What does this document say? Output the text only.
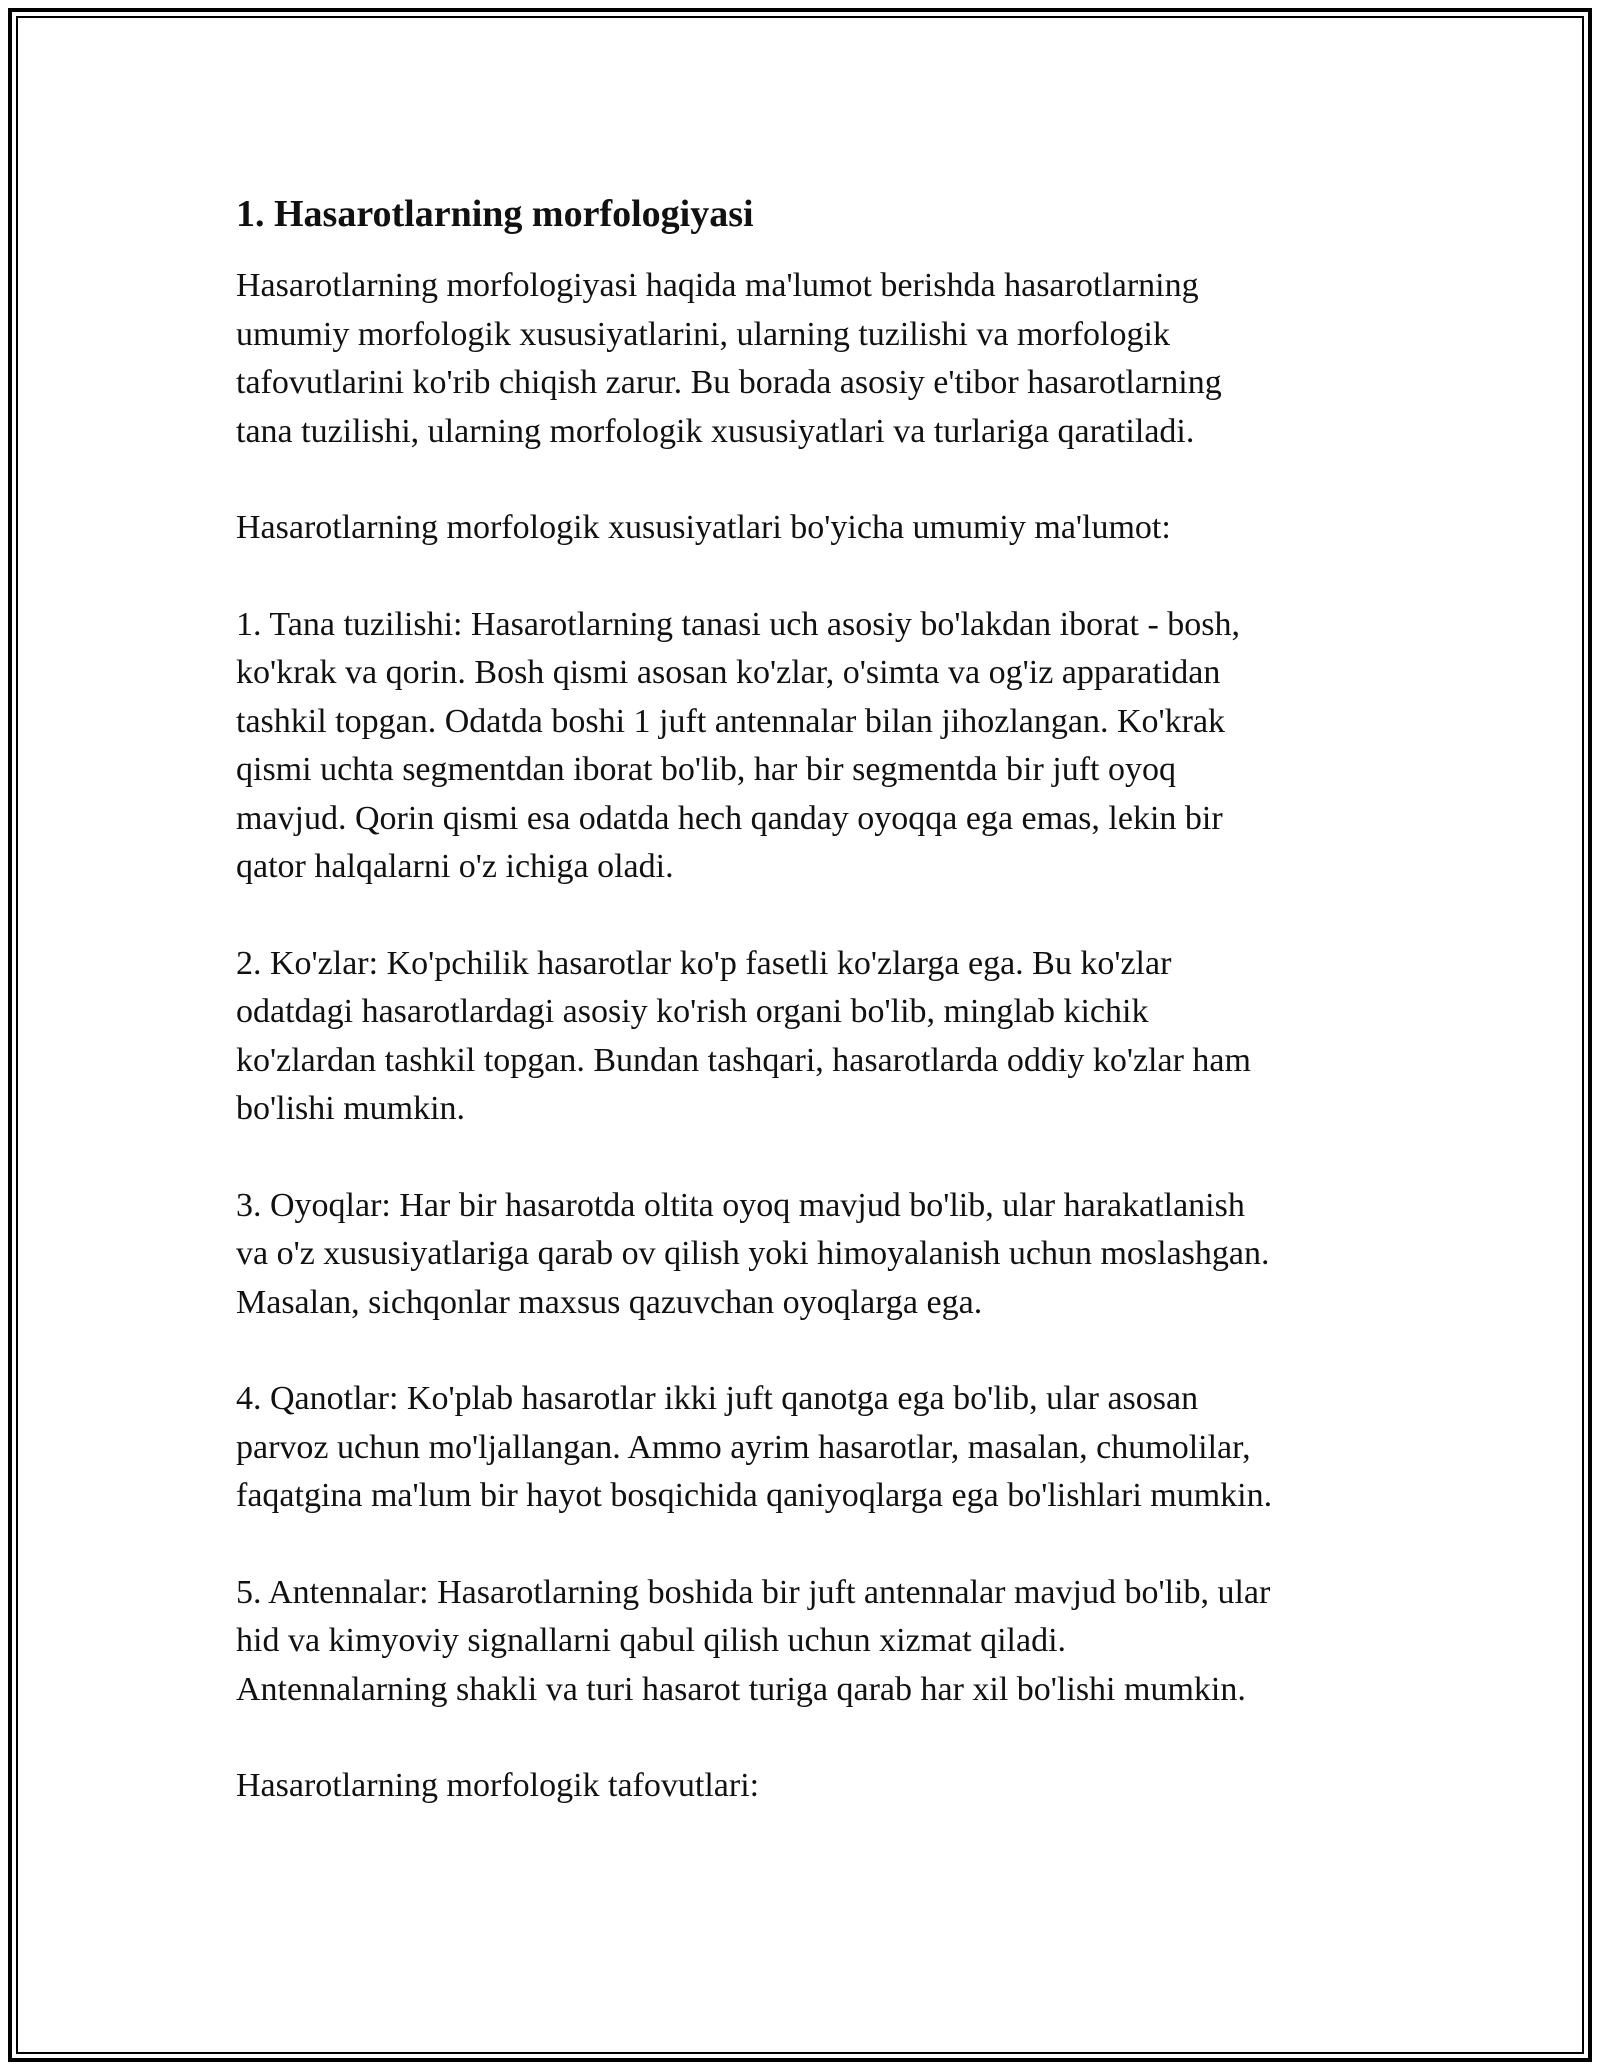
1. Hasarotlarning morfologiyasi

Hasarotlarning morfologiyasi haqida ma'lumot berishda hasarotlarning
umumiy morfologik xususiyatlarini, ularning tuzilishi va morfologik
tafovutlarini ko'rib chiqish zarur. Bu borada asosiy e'tibor hasarotlarning
tana tuzilishi, ularning morfologik xususiyatlari va turlariga qaratiladi.

Hasarotlarning morfologik xususiyatlari bo'yicha umumiy ma'lumot:

1. Tana tuzilishi: Hasarotlarning tanasi uch asosiy bo'lakdan iborat - bosh,
ko'krak va qorin. Bosh qismi asosan ko'zlar, o'simta va og'iz apparatidan
tashkil topgan. Odatda boshi 1 juft antennalar bilan jihozlangan. Ko'krak
qismi uchta segmentdan iborat bo'lib, har bir segmentda bir juft oyoq
mavjud. Qorin qismi esa odatda hech qanday oyoqqa ega emas, lekin bir
qator halqalarni o'z ichiga oladi.

2. Ko'zlar: Ko'pchilik hasarotlar ko'p fasetli ko'zlarga ega. Bu ko'zlar
odatdagi hasarotlardagi asosiy ko'rish organi bo'lib, minglab kichik
ko'zlardan tashkil topgan. Bundan tashqari, hasarotlarda oddiy ko'zlar ham
bo'lishi mumkin.

3. Oyoqlar: Har bir hasarotda oltita oyoq mavjud bo'lib, ular harakatlanish
va o'z xususiyatlariga qarab ov qilish yoki himoyalanish uchun moslashgan.
Masalan, sichqonlar maxsus qazuvchan oyoqlarga ega.

4. Qanotlar: Ko'plab hasarotlar ikki juft qanotga ega bo'lib, ular asosan
parvoz uchun mo'ljallangan. Ammo ayrim hasarotlar, masalan, chumolilar,
faqatgina ma'lum bir hayot bosqichida qaniyoqlarga ega bo'lishlari mumkin.

5. Antennalar: Hasarotlarning boshida bir juft antennalar mavjud bo'lib, ular
hid va kimyoviy signallarni qabul qilish uchun xizmat qiladi.
Antennalarning shakli va turi hasarot turiga qarab har xil bo'lishi mumkin.

Hasarotlarning morfologik tafovutlari:
